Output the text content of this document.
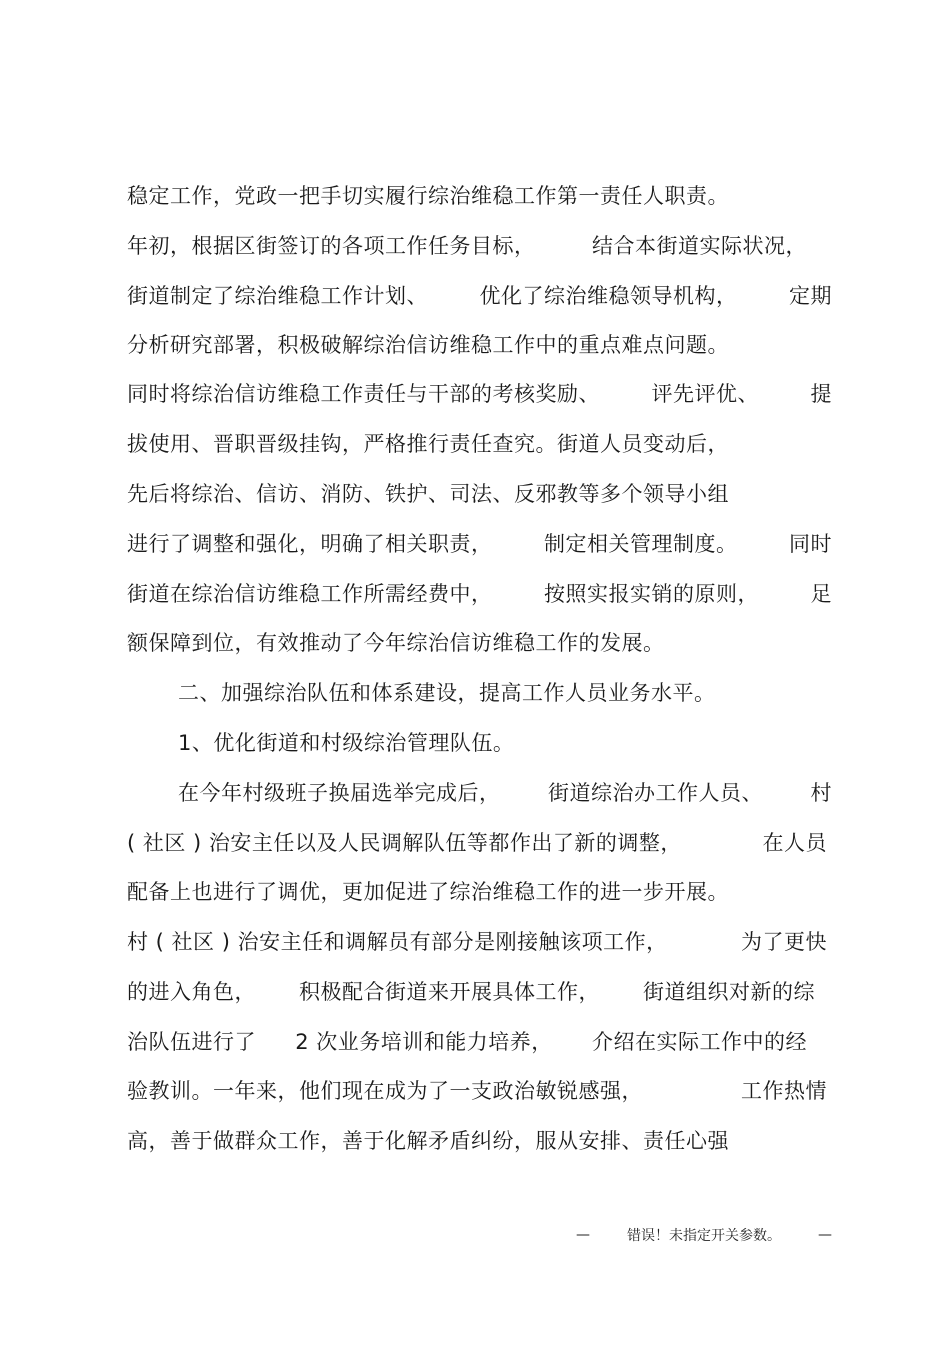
稳定工作，党政一把手切实履行综治维稳工作第一责任人职责。
年初，根据区街签订的各项工作任务目标，	结合本街道实际状况，
街道制定了综治维稳工作计划、 优化了综治维稳领导机构， 定期
分析研究部署，积极破解综治信访维稳工作中的重点难点问题。
同时将综治信访维稳工作责任与干部的考核奖励、 评先评优、 提
拔使用、晋职晋级挂钩，严格推行责任查究。街道人员变动后，
先后将综治、信访、消防、铁护、司法、反邪教等多个领导小组
进行了调整和强化，明确了相关职责， 制定相关管理制度。 同时
街道在综治信访维稳工作所需经费中， 按照实报实销的原则， 足
额保障到位，有效推动了今年综治信访维稳工作的发展。
二、加强综治队伍和体系建设，提高工作人员业务水平。
1、优化街道和村级综治管理队伍。
在今年村级班子换届选举完成后， 街道综治办工作人员、 村
( 社区 ) 治安主任以及人民调解队伍等都作出了新的调整，	在人员
配备上也进行了调优，更加促进了综治维稳工作的进一步开展。
村 ( 社区 ) 治安主任和调解员有部分是刚接触该项工作，	为了更快
的进入角色， 积极配合街道来开展具体工作， 街道组织对新的综
治队伍进行了 2 次业务培训和能力培养， 介绍在实际工作中的经
验教训。一年来，他们现在成为了一支政治敏锐感强，	工作热情
高，善于做群众工作，善于化解矛盾纠纷，服从安排、责任心强
—	错误！未指定开关参数。	—
